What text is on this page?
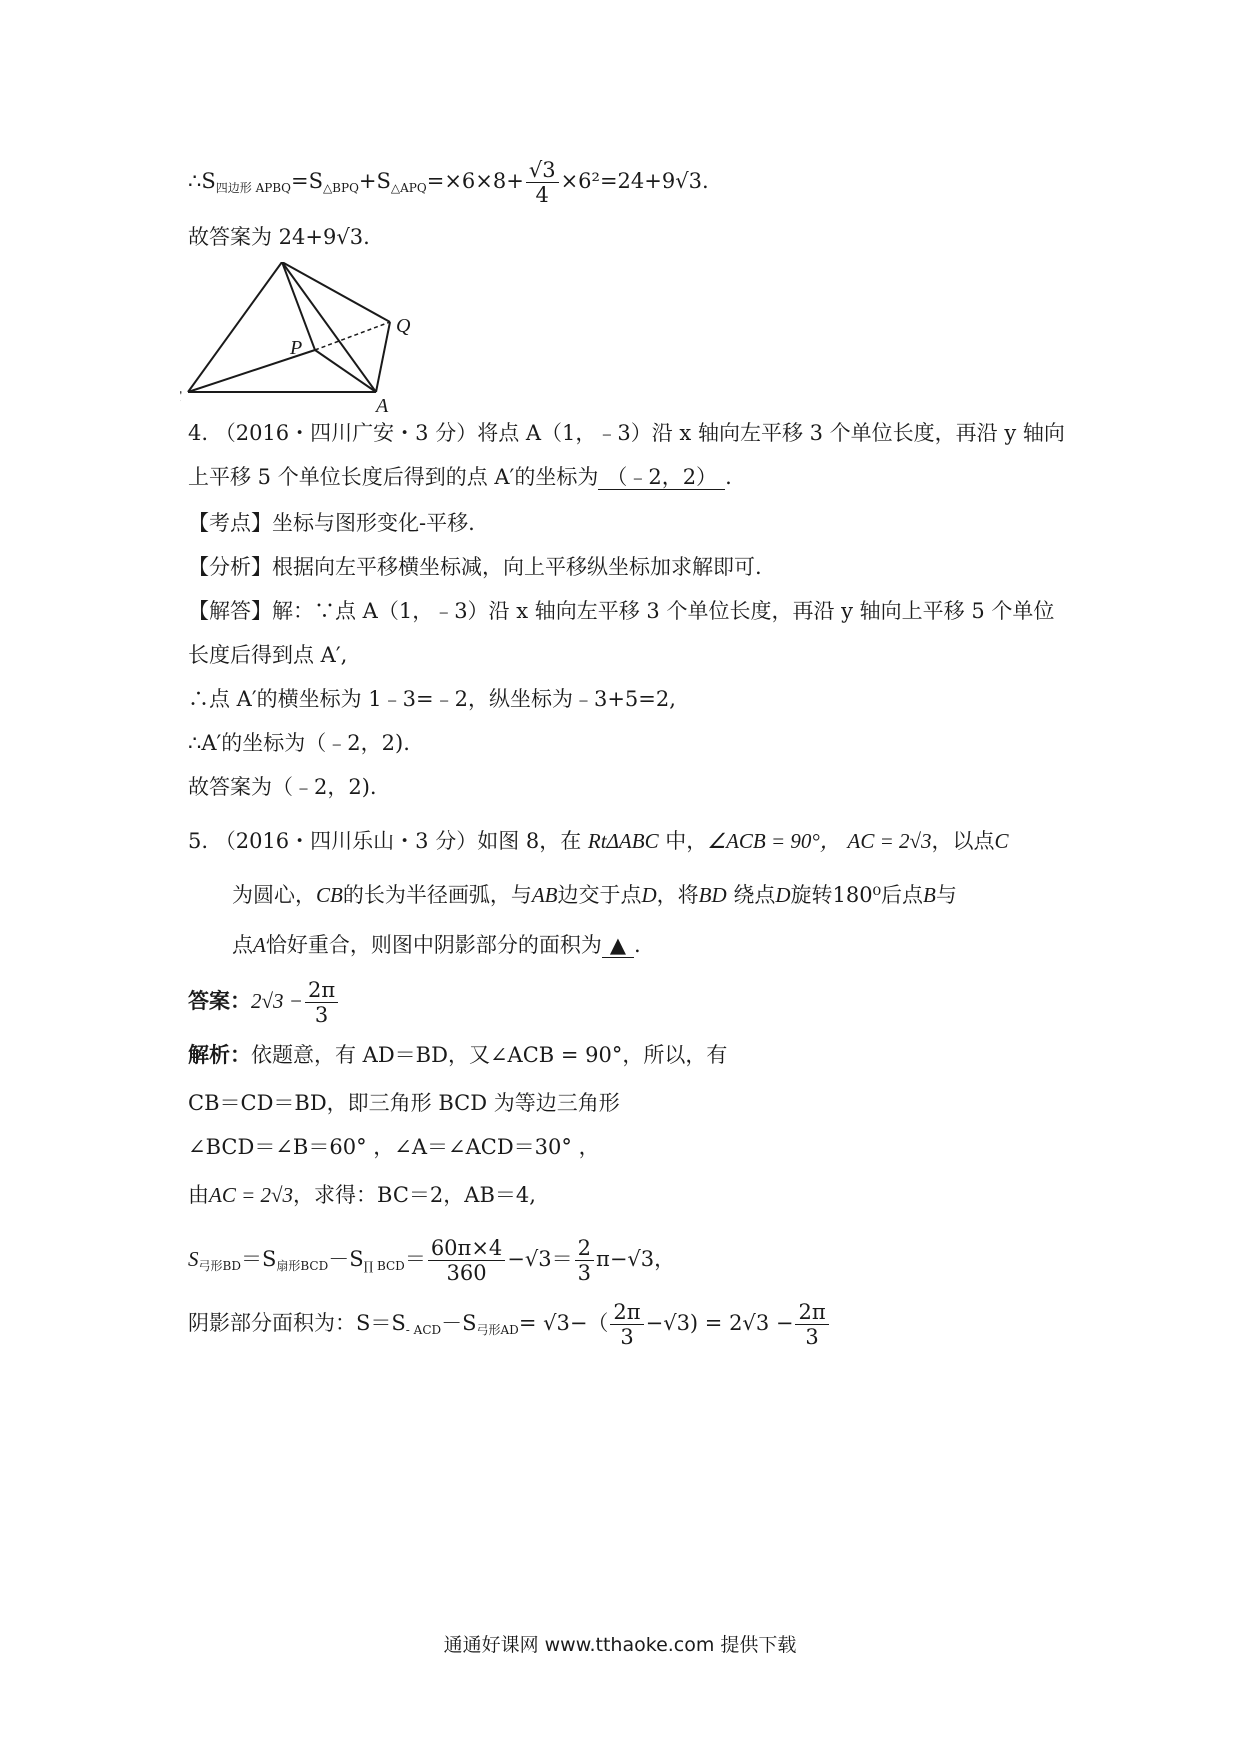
$\therefore S_{四边形 APBQ}=S_{\triangle BPQ}+S_{\triangle APQ}=\times 6\times 8+ \frac{√3}{4} \times 6^2=24+9√3$.
故答案为 24+9√3.
Q
P
A
4. （2016・四川广安・3 分）将点 A（1，﹣3）沿 x 轴向左平移 3 个单位长度，再沿 y 轴向
上平移 5 个单位长度后得到的点 A′的坐标为 （﹣2，2） .
【考点】坐标与图形变化-平移.
【分析】根据向左平移横坐标减，向上平移纵坐标加求解即可.
【解答】解：∵点 A（1，﹣3）沿 x 轴向左平移 3 个单位长度，再沿 y 轴向上平移 5 个单位
长度后得到点 A′,
∴点 A′的横坐标为 1﹣3=﹣2，纵坐标为﹣3+5=2,
∴A′的坐标为（﹣2，2).
故答案为（﹣2，2).
5. （2016・四川乐山・3 分）如图 8，在 RtΔABC 中，∠ACB = 90°， AC = 2√3，以点C
为圆心，CB的长为半径画弧，与AB边交于点D，将BD 绕点D旋转180⁰后点B与
点A恰好重合，则图中阴影部分的面积为 ▲ .
答案：$2√3 - \frac{2\pi}{3}$
解析：依题意，有 AD＝BD，又∠ACB = 90°，所以，有
CB＝CD＝BD，即三角形 BCD 为等边三角形
∠BCD＝∠B＝60° ，∠A＝∠ACD＝30° ，
由AC = 2√3，求得：BC＝2，AB＝4,
$S_{弓形BD}=S_{扇形BCD}-S_{\prod BCD}= \frac{60\pi\times 4}{360} -√3= \frac{2}{3} \pi-√3$，
阴影部分面积为：$S=S_{- ACD}-S_{弓形AD}= √3-( \frac{2\pi}{3} -√3) = 2√3 - \frac{2\pi}{3}$
通通好课网 www.tthaoke.com 提供下载
